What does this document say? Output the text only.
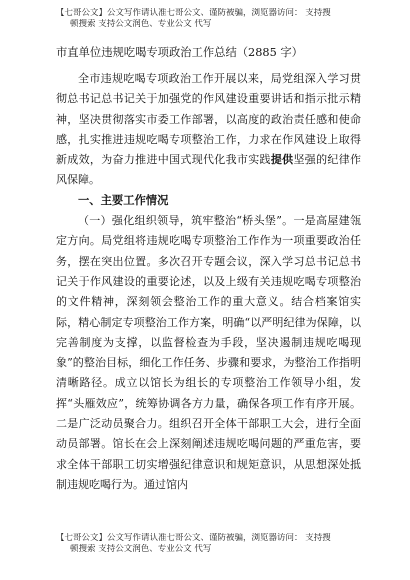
【七哥公文】公文写作请认准七哥公文、谨防被骗，浏览器访问： 支持搜
顿搜索 支持公文润色、专业公文 代写
市直单位违规吃喝专项政治工作总结（2885 字）

全市违规吃喝专项政治工作开展以来，局党组深入学习贯彻总书记总书记关于加强党的作风建设重要讲话和指示批示精神，坚决贯彻落实市委工作部署，以高度的政治责任感和使命感，扎实推进违规吃喝专项整治工作，力求在作风建设上取得新成效，为奋力推进中国式现代化我市实践提供坚强的纪律作风保障。

一、主要工作情况

（一）强化组织领导，筑牢整治“桥头堡”。一是高屋建瓴定方向。局党组将违规吃喝专项整治工作作为一项重要政治任务，摆在突出位置。多次召开专题会议，深入学习总书记总书记关于作风建设的重要论述，以及上级有关违规吃喝专项整治的文件精神，深刻领会整治工作的重大意义。结合档案馆实际，精心制定专项整治工作方案，明确“以严明纪律为保障，以完善制度为支撑，以监督检查为手段，坚决遏制违规吃喝现象”的整治目标，细化工作任务、步骤和要求，为整治工作指明清晰路径。成立以馆长为组长的专项整治工作领导小组，发挥“头雁效应”，统筹协调各方力量，确保各项工作有序开展。二是广泛动员聚合力。组织召开全体干部职工大会，进行全面动员部署。馆长在会上深刻阐述违规吃喝问题的严重危害，要求全体干部职工切实增强纪律意识和规矩意识，从思想深处抵制违规吃喝行为。通过馆内

【七哥公文】公文写作请认准七哥公文、谨防被骗，浏览器访问： 支持搜
顿搜索 支持公文润色、专业公文 代写
